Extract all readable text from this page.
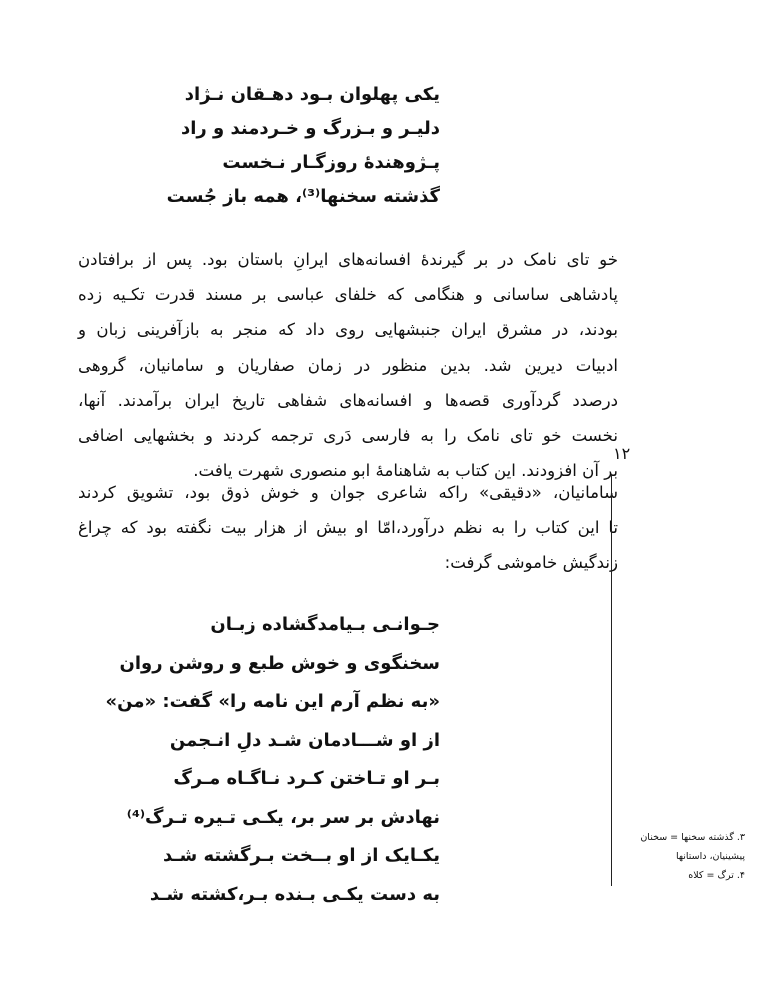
یکی پهلوان بـود دهـقان نـژاد
دلیـر و بـزرگ و خـردمند و راد
پـژوهندهٔ روزگـار نـخست
گذشته سخنها⁽³⁾، همه باز جُست
خو تای نامک در بر گیرندهٔ افسانه‌های ایرانِ باستان بود. پس از برافتادن
پادشاهی ساسانی و هنگامی که خلفای عباسی بر مسند قدرت تکـیه زده
بودند، در مشرق ایران جنبشهایی روی داد که منجر به بازآفرینی زبان و
ادبیات دیرین شد. بدین منظور در زمان صفاریان و سامانیان، گروهی
درصدد گردآوری قصه‌ها و افسانه‌های شفاهی تاریخ ایران برآمدند. آنها،
نخست خو تای نامک را به فارسی دَری ترجمه کردند و بخشهایی اضافی
بر آن افزودند. این کتاب به شاهنامهٔ ابو منصوری شهرت یافت.
سامانیان، «دقیقی» راکه شاعری جوان و خوش ذوق بود، تشویق کردند
تا این کتاب را به نظم درآورد،امّا او بیش از هزار بیت نگفته بود که چراغ
زندگیش خاموشی گرفت:
جـوانـی بـیامدگشاده زبـان
سخنگوی و خوش طبع و روشن روان
«به نظم آرم این نامه را» گفت: «من»
از او شـــادمان شـد دلِ انـجمن
بـر او تـاختن کـرد نـاگـاه مـرگ
نهادش بر سر بر، یکـی تـیره تـرگ⁽⁴⁾
یکـایک از او بــخت بـرگشته شـد
به دست یکـی بـنده بـر،کشته شـد
۱۲
۳. گذشته سخنها = سخنان
پیشینیان، داستانها
۴. ترگ = کلاه
